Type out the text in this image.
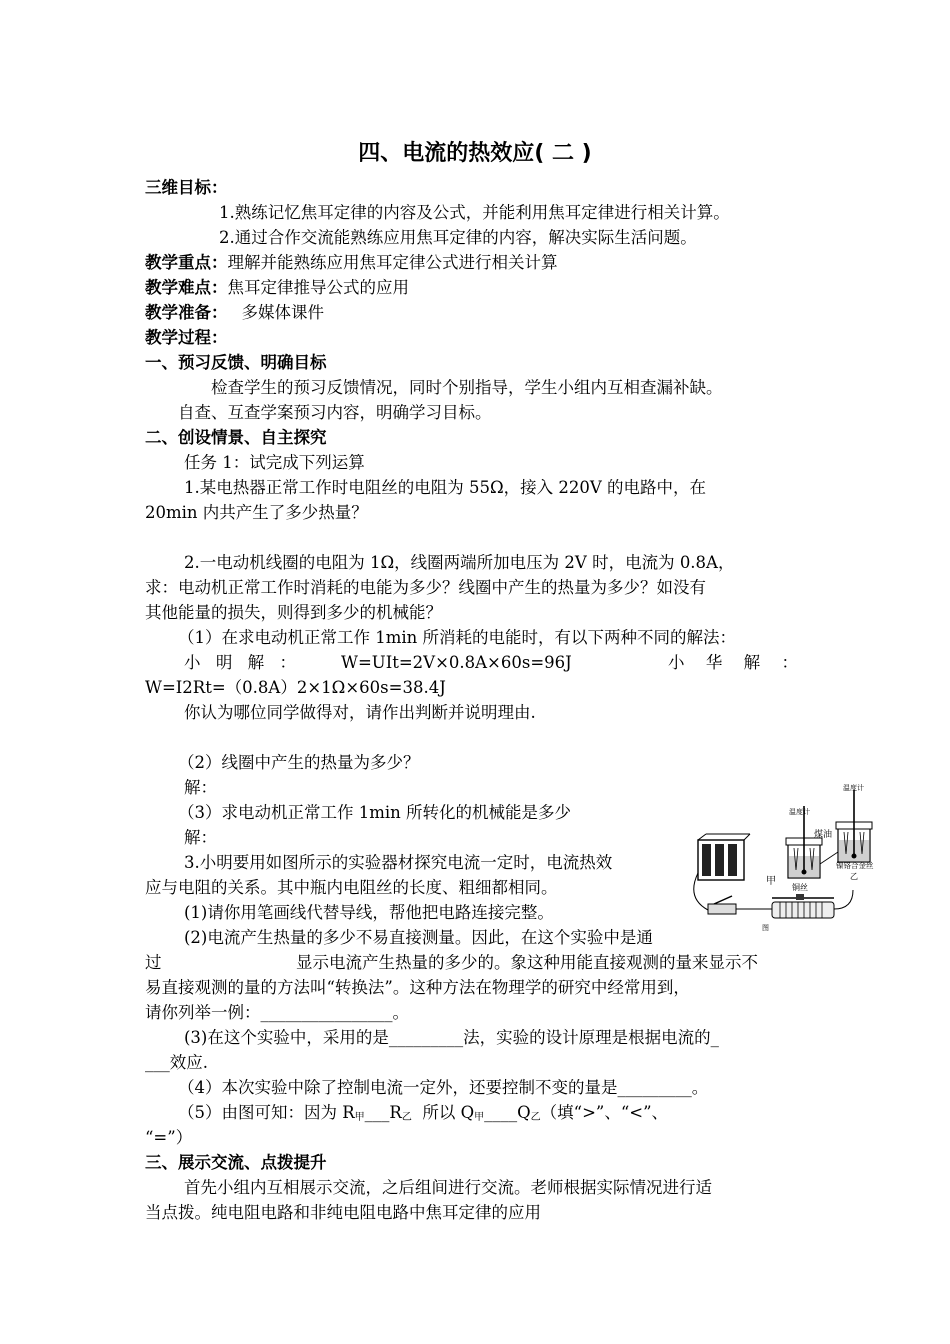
四、电流的热效应( 二 )
三维目标：
1.熟练记忆焦耳定律的内容及公式，并能利用焦耳定律进行相关计算。
2.通过合作交流能熟练应用焦耳定律的内容，解决实际生活问题。
教学重点：理解并能熟练应用焦耳定律公式进行相关计算
教学难点：焦耳定律推导公式的应用
教学准备： 多媒体课件
教学过程：
一、预习反馈、明确目标
检查学生的预习反馈情况，同时个别指导，学生小组内互相查漏补缺。
自查、互查学案预习内容，明确学习目标。
二、创设情景、自主探究
任务 1：试完成下列运算
1.某电热器正常工作时电阻丝的电阻为 55Ω，接入 220V 的电路中，在
20min 内共产生了多少热量？
2.一电动机线圈的电阻为 1Ω，线圈两端所加电压为 2V 时，电流为 0.8A，
求：电动机正常工作时消耗的电能为多少？线圈中产生的热量为多少？如没有
其他能量的损失，则得到多少的机械能？
（1）在求电动机正常工作 1min 所消耗的电能时，有以下两种不同的解法：
小 明 解 ：	W=UIt=2V×0.8A×60s=96J	小 华 解 ：
W=I2Rt=（0.8A）2×1Ω×60s=38.4J
你认为哪位同学做得对，请作出判断并说明理由.
（2）线圈中产生的热量为多少？
解：
（3）求电动机正常工作 1min 所转化的机械能是多少
解：
3.小明要用如图所示的实验器材探究电流一定时，电流热效
应与电阻的关系。其中瓶内电阻丝的长度、粗细都相同。
(1)请你用笔画线代替导线，帮他把电路连接完整。
(2)电流产生热量的多少不易直接测量。因此，在这个实验中是通
过	显示电流产生热量的多少的。象这种用能直接观测的量来显示不
易直接观测的量的方法叫“转换法”。这种方法在物理学的研究中经常用到，
请你列举一例：________________。
(3)在这个实验中，采用的是_________法，实验的设计原理是根据电流的_
___效应.
（4）本次实验中除了控制电流一定外，还要控制不变的量是_________。
（5）由图可知：因为 $R_甲\_\_\_R_乙$  所以 $Q_甲\_\_\_\_Q_乙$（填“>”、“<”、
“=”）
三、展示交流、点拨提升
首先小组内互相展示交流，之后组间进行交流。老师根据实际情况进行适
当点拨。纯电阻电路和非纯电阻电路中焦耳定律的应用
温度计
温度计
煤油
镍铬合金丝
乙
铜丝
甲
图
